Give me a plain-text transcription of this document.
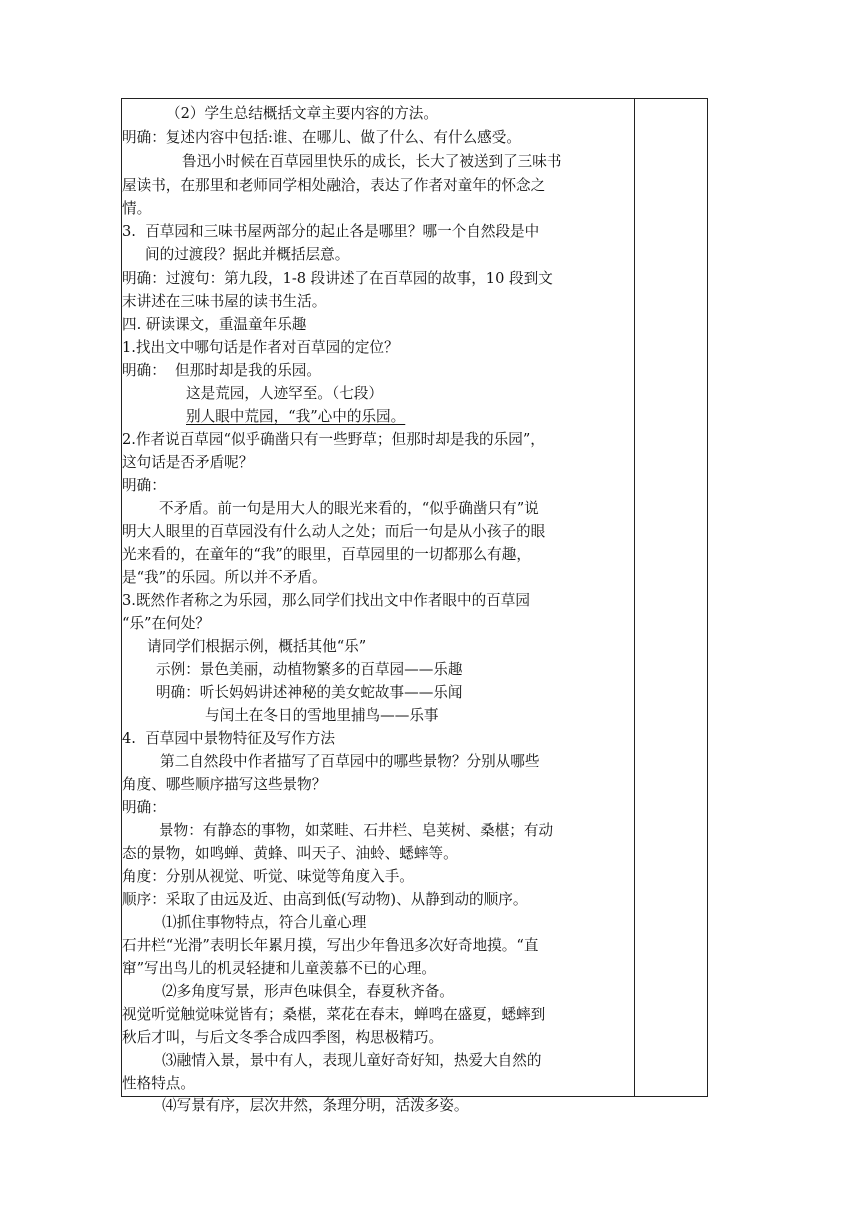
（2）学生总结概括文章主要内容的方法。
明确：复述内容中包括:谁、在哪儿、做了什么、有什么感受。
鲁迅小时候在百草园里快乐的成长，长大了被送到了三味书
屋读书，在那里和老师同学相处融洽，表达了作者对童年的怀念之
情。
3.  百草园和三味书屋两部分的起止各是哪里？哪一个自然段是中
间的过渡段？据此并概括层意。
明确：过渡句：第九段，1-8 段讲述了在百草园的故事，10 段到文
末讲述在三味书屋的读书生活。
四. 研读课文，重温童年乐趣
1.找出文中哪句话是作者对百草园的定位？
明确：  但那时却是我的乐园。
这是荒园，人迹罕至。（七段）
别人眼中荒园，“我”心中的乐园。
2.作者说百草园“似乎确凿只有一些野草；但那时却是我的乐园”，
这句话是否矛盾呢？
明确：
不矛盾。前一句是用大人的眼光来看的，“似乎确凿只有”说
明大人眼里的百草园没有什么动人之处；而后一句是从小孩子的眼
光来看的，在童年的“我”的眼里，百草园里的一切都那么有趣，
是“我”的乐园。所以并不矛盾。
3.既然作者称之为乐园，那么同学们找出文中作者眼中的百草园
“乐”在何处？
请同学们根据示例，概括其他“乐”
示例：景色美丽，动植物繁多的百草园——乐趣
明确：听长妈妈讲述神秘的美女蛇故事——乐闻
与闰土在冬日的雪地里捕鸟——乐事
4.  百草园中景物特征及写作方法
第二自然段中作者描写了百草园中的哪些景物？分别从哪些
角度、哪些顺序描写这些景物？
明确：
景物：有静态的事物，如菜畦、石井栏、皂荚树、桑椹；有动
态的景物，如鸣蝉、黄蜂、叫天子、油蛉、蟋蟀等。
角度：分别从视觉、听觉、味觉等角度入手。
顺序：采取了由远及近、由高到低(写动物)、从静到动的顺序。
⑴抓住事物特点，符合儿童心理
石井栏“光滑”表明长年累月摸，写出少年鲁迅多次好奇地摸。“直
窜”写出鸟儿的机灵轻捷和儿童羡慕不已的心理。
⑵多角度写景，形声色味俱全，春夏秋齐备。
视觉听觉触觉味觉皆有；桑椹，菜花在春末，蝉鸣在盛夏，蟋蟀到
秋后才叫，与后文冬季合成四季图，构思极精巧。
⑶融情入景，景中有人，表现儿童好奇好知，热爱大自然的
性格特点。
⑷写景有序，层次井然，条理分明，活泼多姿。
